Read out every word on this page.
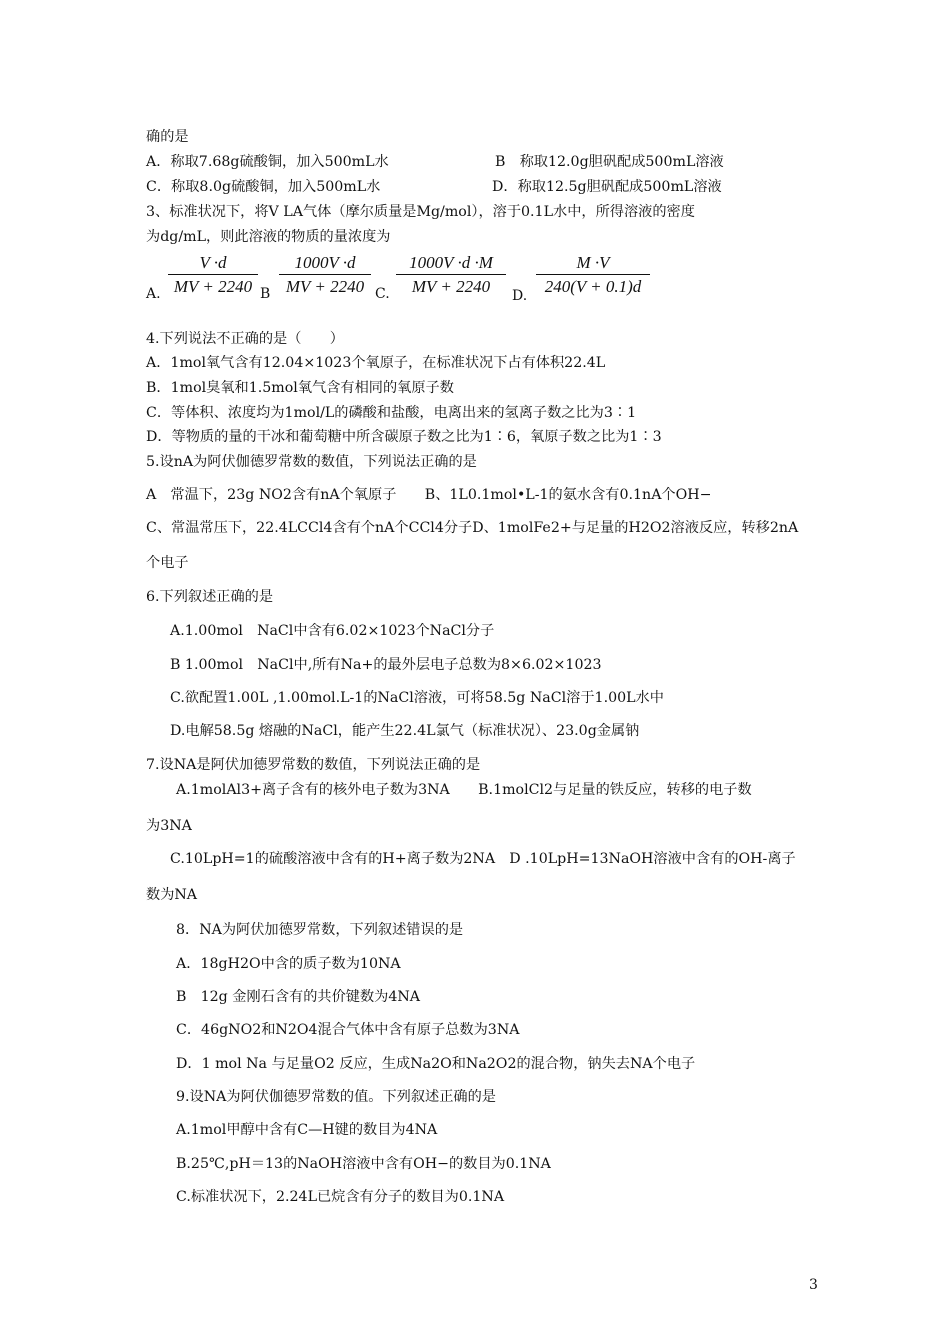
确的是
A．称取7.68g硫酸铜，加入500mL水	B　称取12.0g胆矾配成500mL溶液
C．称取8.0g硫酸铜，加入500mL水	D．称取12.5g胆矾配成500mL溶液
3、标准状况下，将V LA气体（摩尔质量是Mg/mol），溶于0.1L水中，所得溶液的密度
为dg/mL，则此溶液的物质的量浓度为
A.
V ·d
MV + 2240 B
1000V ·d
MV + 2240 C.
1000V ·d ·M
MV + 2240	D.
M ·V
240(V + 0.1)d
4.下列说法不正确的是（　　）
A．1mol氧气含有12.04×1023个氧原子，在标准状况下占有体积22.4L
B．1mol臭氧和1.5mol氧气含有相同的氧原子数
C．等体积、浓度均为1mol/L的磷酸和盐酸，电离出来的氢离子数之比为3∶1
D．等物质的量的干冰和葡萄糖中所含碳原子数之比为1∶6，氧原子数之比为1∶3
5.设nA为阿伏伽德罗常数的数值，下列说法正确的是
A　常温下，23g NO2含有nA个氧原子　　B、1L0.1mol•L-1的氨水含有0.1nA个OH−
C、常温常压下，22.4LCCl4含有个nA个CCl4分子D、1molFe2+与足量的H2O2溶液反应，转移2nA
个电子
6.下列叙述正确的是
A.1.00mol　NaCl中含有6.02×1023个NaCl分子
B 1.00mol　NaCl中,所有Na+的最外层电子总数为8×6.02×1023
C.欲配置1.00L ,1.00mol.L-1的NaCl溶液，可将58.5g NaCl溶于1.00L水中
D.电解58.5g 熔融的NaCl，能产生22.4L氯气（标准状况）、23.0g金属钠
7.设NA是阿伏加德罗常数的数值，下列说法正确的是
A.1molAl3+离子含有的核外电子数为3NA　　B.1molCl2与足量的铁反应，转移的电子数
为3NA
C.10LpH=1的硫酸溶液中含有的H+离子数为2NA　D .10LpH=13NaOH溶液中含有的OH-离子
数为NA
8．NA为阿伏加德罗常数，下列叙述错误的是
A．18gH2O中含的质子数为10NA
B　12g 金刚石含有的共价键数为4NA
C．46gNO2和N2O4混合气体中含有原子总数为3NA
D．1 mol Na 与足量O2 反应，生成Na2O和Na2O2的混合物，钠失去NA个电子
9.设NA为阿伏伽德罗常数的值。下列叙述正确的是
A.1mol甲醇中含有C—H键的数目为4NA
B.25℃,pH＝13的NaOH溶液中含有OH−的数目为0.1NA
C.标准状况下，2.24L已烷含有分子的数目为0.1NA
3
